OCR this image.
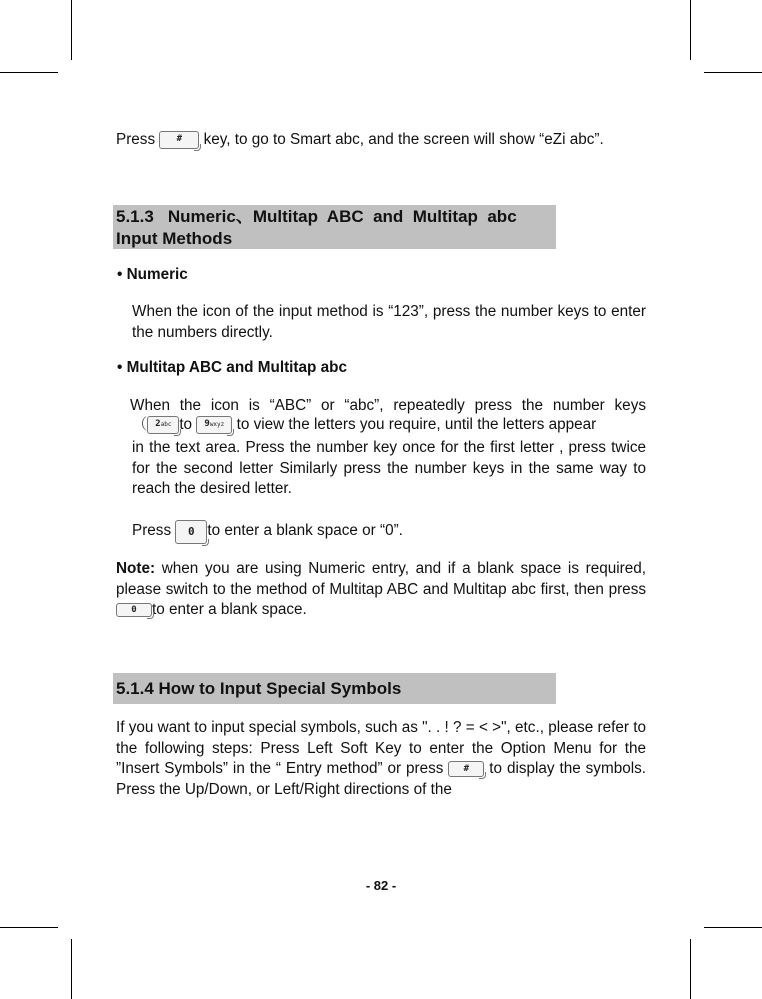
Press # key, to go to Smart abc, and the screen will show “eZi abc”.
5.1.3 Numeric、Multitap  ABC  and  Multitap  abc
Input Methods
• Numeric
When the icon of the input method is “123”, press the number keys to enter the numbers directly.
• Multitap ABC and Multitap abc
When the icon is “ABC” or “abc”, repeatedly press the number keys
（ 2abc to 9wxyz to view the letters you require, until the letters appear
in the text area. Press the number key once for the first letter , press twice for the second letter Similarly press the number keys in the same way to reach the desired letter.
Press 0 to enter a blank space or “0”.
Note: when you are using Numeric entry, and if a blank space is required, please switch to the method of Multitap ABC and Multitap abc first, then press0 to enter a blank space.
5.1.4 How to Input Special Symbols
If you want to input special symbols, such as ". . ! ? = < >", etc., please refer to the following steps: Press Left Soft Key to enter the Option Menu for the ”Insert Symbols” in the “ Entry method” or press # to display the symbols. Press the Up/Down, or Left/Right directions of the
- 82 -
